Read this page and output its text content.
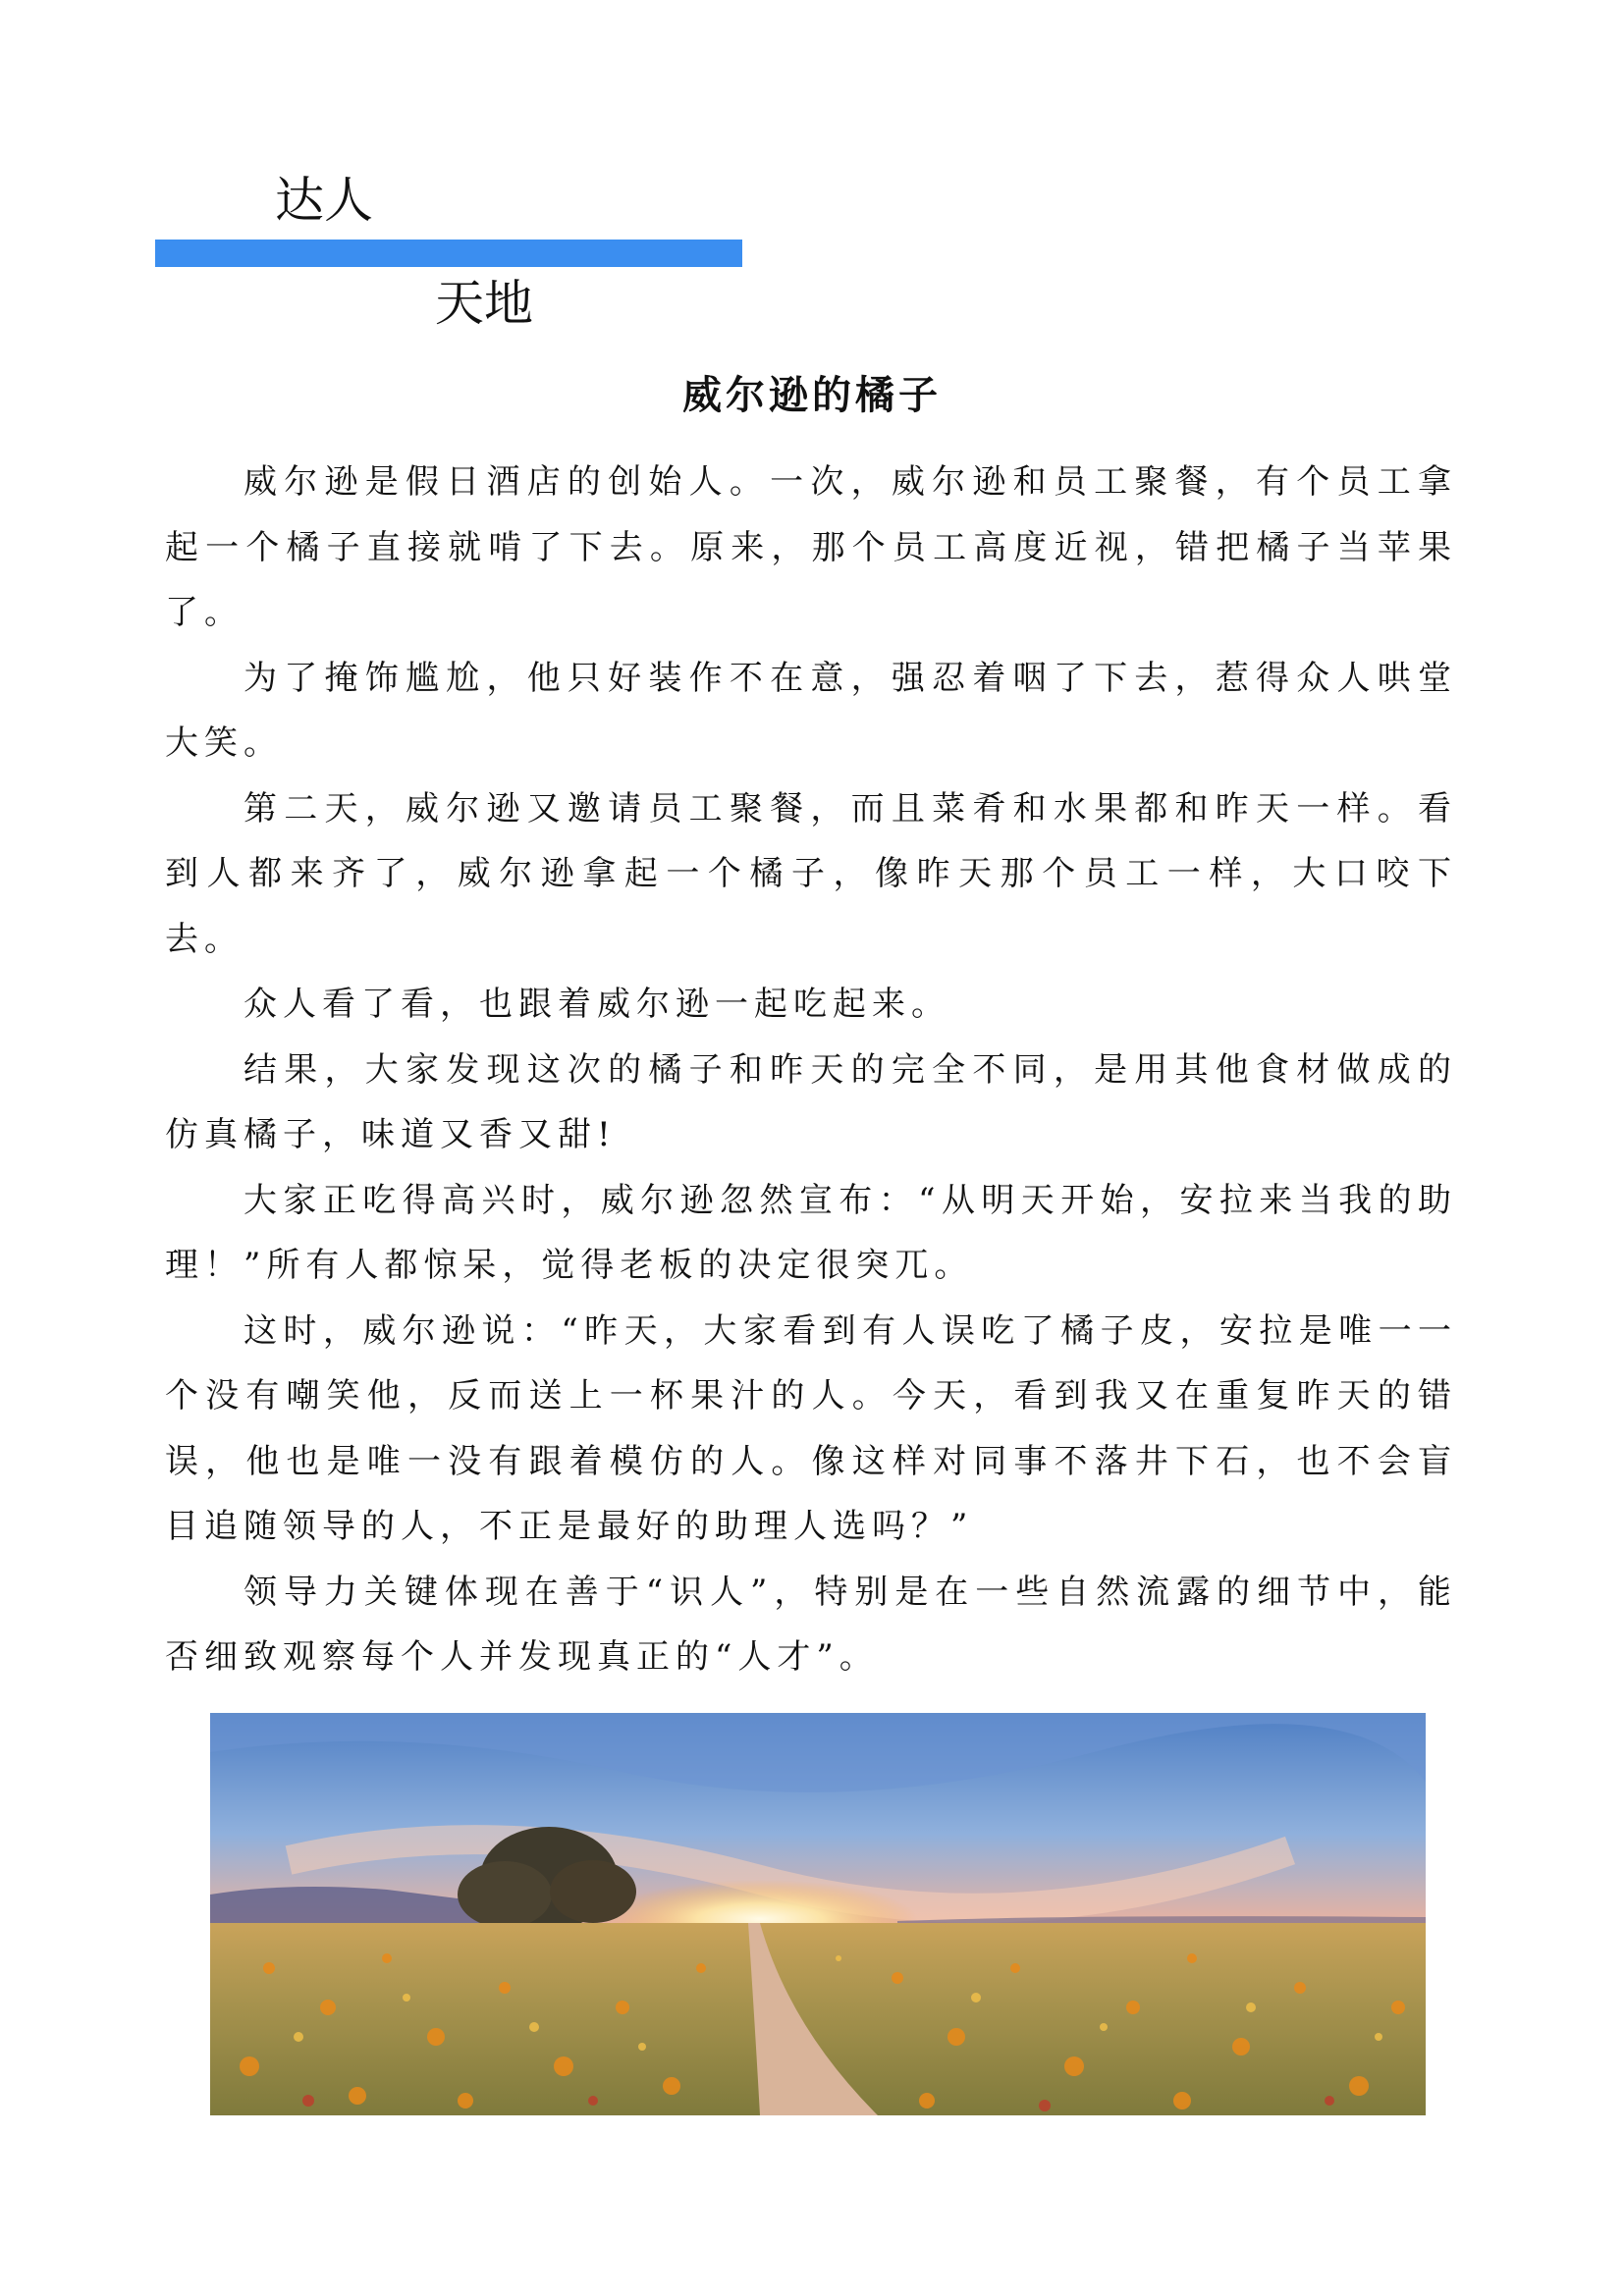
达人
天地
威尔逊的橘子

威尔逊是假日酒店的创始人。一次，威尔逊和员工聚餐，有个员工拿起一个橘子直接就啃了下去。原来，那个员工高度近视，错把橘子当苹果了。

为了掩饰尴尬，他只好装作不在意，强忍着咽了下去，惹得众人哄堂大笑。

第二天，威尔逊又邀请员工聚餐，而且菜肴和水果都和昨天一样。看到人都来齐了，威尔逊拿起一个橘子，像昨天那个员工一样，大口咬下去。

众人看了看，也跟着威尔逊一起吃起来。

结果，大家发现这次的橘子和昨天的完全不同，是用其他食材做成的仿真橘子，味道又香又甜!

大家正吃得高兴时，威尔逊忽然宣布：“从明天开始，安拉来当我的助理！”所有人都惊呆，觉得老板的决定很突兀。

这时，威尔逊说：“昨天，大家看到有人误吃了橘子皮，安拉是唯一一个没有嘲笑他，反而送上一杯果汁的人。今天，看到我又在重复昨天的错误，他也是唯一没有跟着模仿的人。像这样对同事不落井下石，也不会盲目追随领导的人，不正是最好的助理人选吗？”

领导力关键体现在善于“识人”，特别是在一些自然流露的细节中，能否细致观察每个人并发现真正的“人才”。
